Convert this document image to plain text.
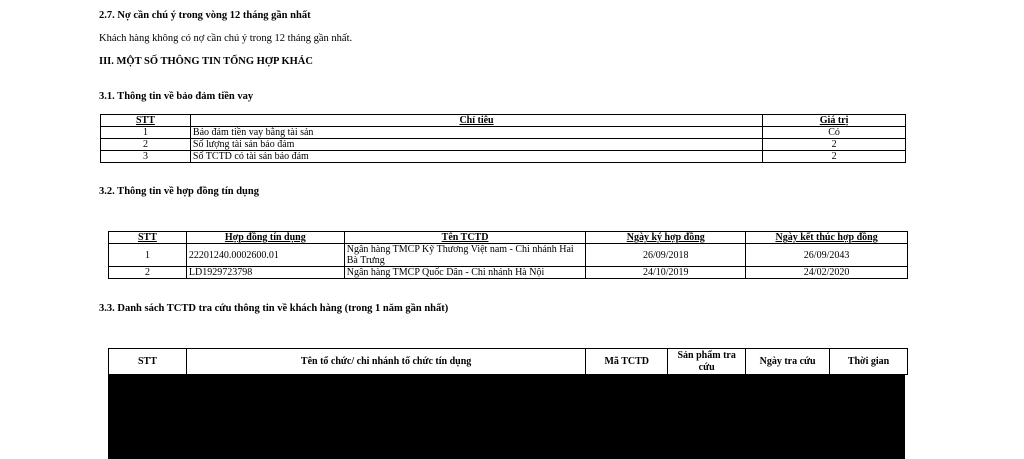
2.7. Nợ cần chú ý trong vòng 12 tháng gần nhất
Khách hàng không có nợ cần chú ý trong 12 tháng gần nhất.
III. MỘT SỐ THÔNG TIN TỔNG HỢP KHÁC
3.1. Thông tin về bảo đảm tiền vay
STT	Chỉ tiêu	Giá trị
1	Bảo đảm tiền vay bằng tài sản	Có
2	Số lượng tài sản bảo đảm	2
3	Số TCTD có tài sản bảo đảm	2
3.2. Thông tin về hợp đồng tín dụng
STT	Hợp đồng tín dụng	Tên TCTD	Ngày ký hợp đồng	Ngày kết thúc hợp đồng
1	22201240.0002600.01	Ngân hàng TMCP Kỹ Thương Việt nam - Chi nhánh Hai Bà Trưng	26/09/2018	26/09/2043
2	LD1929723798	Ngân hàng TMCP Quốc Dân - Chi nhánh Hà Nội	24/10/2019	24/02/2020
3.3. Danh sách TCTD tra cứu thông tin về khách hàng (trong 1 năm gần nhất)
STT	Tên tổ chức/ chi nhánh tổ chức tín dụng	Mã TCTD	Sản phẩm tra cứu	Ngày tra cứu	Thời gian
